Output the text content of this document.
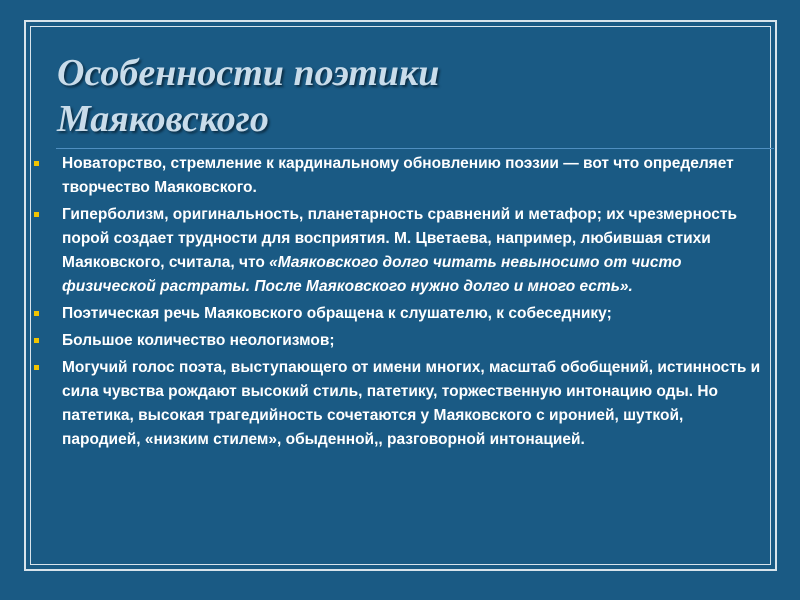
Особенности поэтики
Маяковского
Новаторство, стремление к кардинальному обновлению поэзии — вот что определяет творчество Маяковского.
Гиперболизм, оригинальность, планетарность сравнений и метафор; их чрезмерность порой создает трудности для восприятия. М. Цветаева, например, любившая стихи Маяковского, считала, что «Маяковского долго читать невыносимо от чисто физической растраты. После Маяковского нужно долго и много есть».
Поэтическая речь Маяковского обращена к слушателю, к собеседнику;
Большое количество неологизмов;
Могучий голос поэта, выступающего от имени многих, масштаб обобщений, истинность и сила чувства рождают высокий стиль, патетику, торжественную интонацию оды. Но патетика, высокая трагедийность сочетаются у Маяковского с иронией, шуткой, пародией, «низким стилем», обыденной,, разговорной интонацией.
